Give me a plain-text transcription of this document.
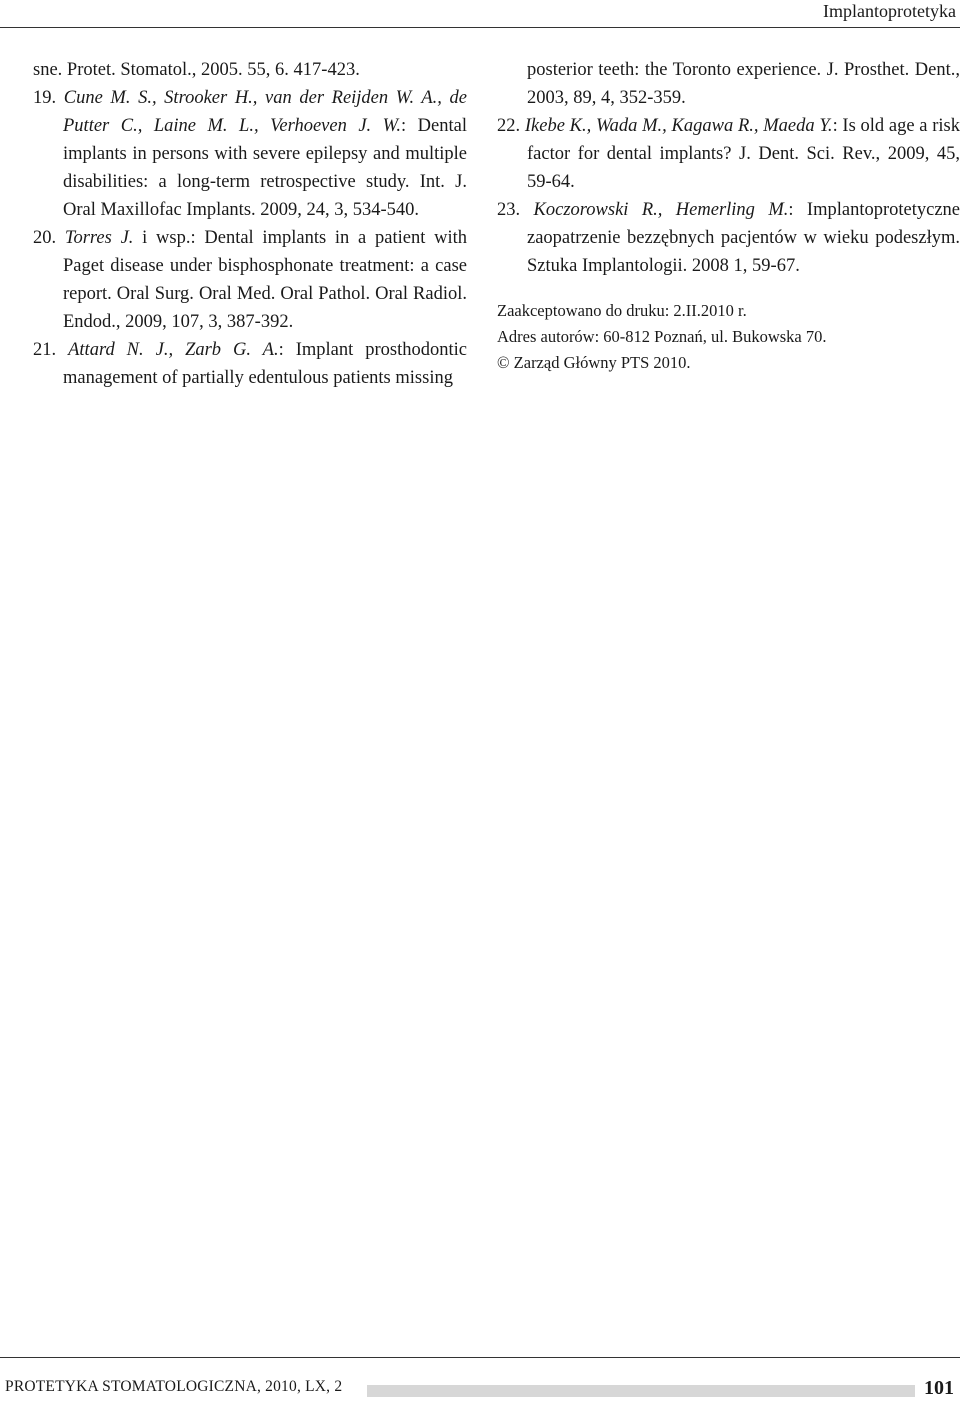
Implantoprotetyka

sne. Protet. Stomatol., 2005. 55, 6. 417-423.

19. Cune M. S., Strooker H., van der Reijden W. A., de Putter C., Laine M. L., Verhoeven J. W.: Dental implants in persons with severe epilepsy and multiple disabilities: a long-term retrospective study. Int. J. Oral Maxillofac Implants. 2009, 24, 3, 534-540.

20. Torres J. i wsp.: Dental implants in a patient with Paget disease under bisphosphonate treatment: a case report. Oral Surg. Oral Med. Oral Pathol. Oral Radiol. Endod., 2009, 107, 3, 387-392.

21. Attard N. J., Zarb G. A.: Implant prosthodontic management of partially edentulous patients missing

posterior teeth: the Toronto experience. J. Prosthet. Dent., 2003, 89, 4, 352-359.

22. Ikebe K., Wada M., Kagawa R., Maeda Y.: Is old age a risk factor for dental implants? J. Dent. Sci. Rev., 2009, 45, 59-64.

23. Koczorowski R., Hemerling M.: Implantoprotetyczne zaopatrzenie bezzębnych pacjentów w wieku podeszłym. Sztuka Implantologii. 2008 1, 59-67.

Zaakceptowano do druku: 2.II.2010 r.

Adres autorów: 60-812 Poznań, ul. Bukowska 70.

© Zarząd Główny PTS 2010.

PROTETYKA STOMATOLOGICZNA, 2010, LX, 2	101
